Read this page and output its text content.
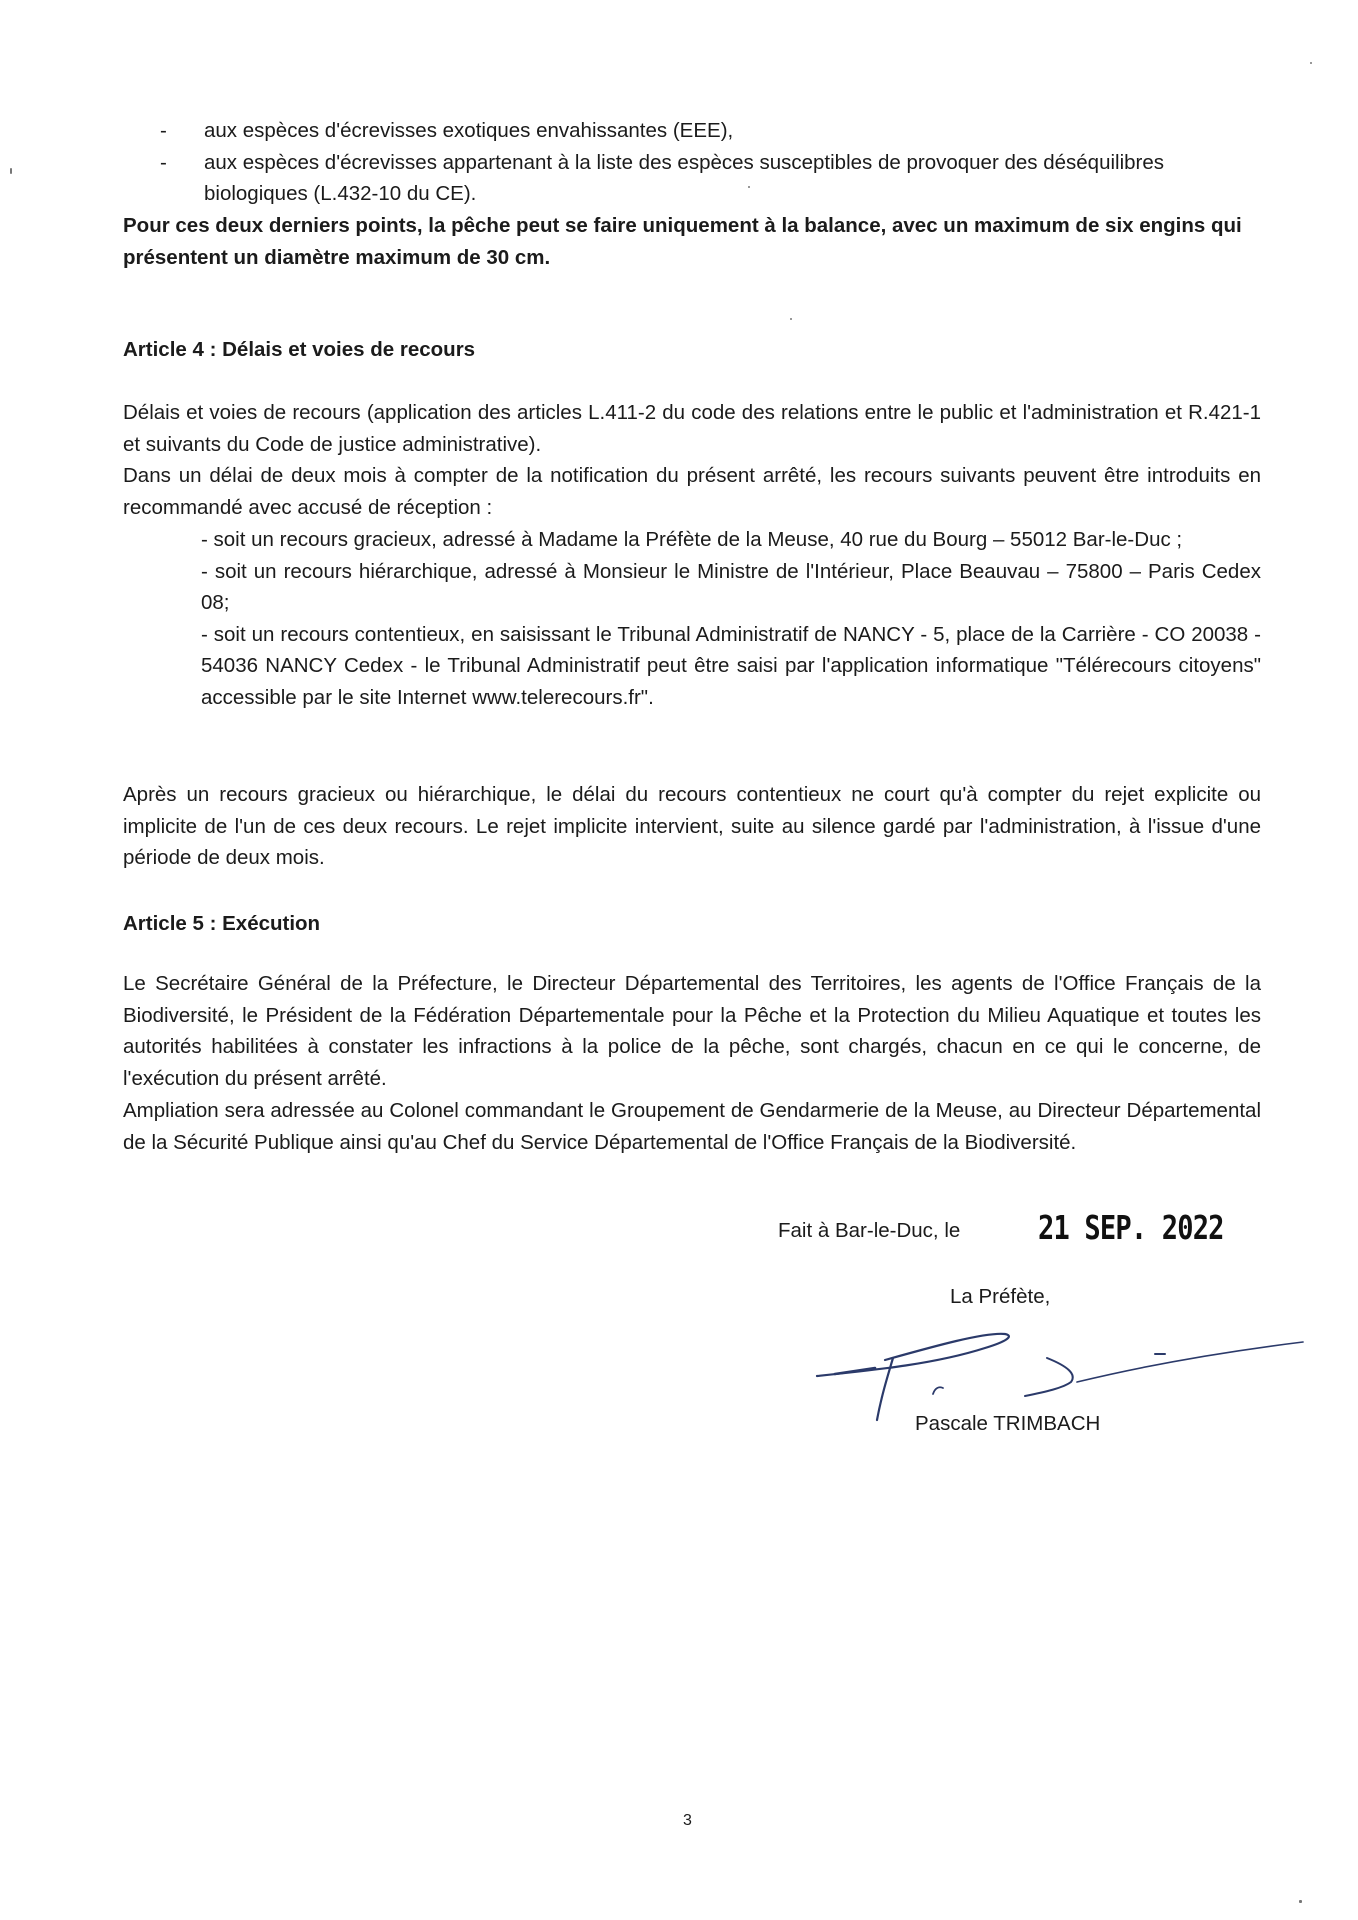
- aux espèces d'écrevisses exotiques envahissantes (EEE),
- aux espèces d'écrevisses appartenant à la liste des espèces susceptibles de provoquer des déséquilibres biologiques (L.432-10 du CE).

Pour ces deux derniers points, la pêche peut se faire uniquement à la balance, avec un maximum de six engins qui présentent un diamètre maximum de 30 cm.

Article 4 : Délais et voies de recours

Délais et voies de recours (application des articles L.411-2 du code des relations entre le public et l'administration et R.421-1 et suivants du Code de justice administrative).

Dans un délai de deux mois à compter de la notification du présent arrêté, les recours suivants peuvent être introduits en recommandé avec accusé de réception :

- soit un recours gracieux, adressé à Madame la Préfète de la Meuse, 40 rue du Bourg – 55012 Bar-le-Duc ;
- soit un recours hiérarchique, adressé à Monsieur le Ministre de l'Intérieur, Place Beauvau – 75800 – Paris Cedex 08;
- soit un recours contentieux, en saisissant le Tribunal Administratif de NANCY - 5, place de la Carrière - CO 20038 - 54036 NANCY Cedex - le Tribunal Administratif peut être saisi par l'application informatique "Télérecours citoyens" accessible par le site Internet www.telerecours.fr".

Après un recours gracieux ou hiérarchique, le délai du recours contentieux ne court qu'à compter du rejet explicite ou implicite de l'un de ces deux recours. Le rejet implicite intervient, suite au silence gardé par l'administration, à l'issue d'une période de deux mois.

Article 5 : Exécution

Le Secrétaire Général de la Préfecture, le Directeur Départemental des Territoires, les agents de l'Office Français de la Biodiversité, le Président de la Fédération Départementale pour la Pêche et la Protection du Milieu Aquatique et toutes les autorités habilitées à constater les infractions à la police de la pêche, sont chargés, chacun en ce qui le concerne, de l'exécution du présent arrêté.

Ampliation sera adressée au Colonel commandant le Groupement de Gendarmerie de la Meuse, au Directeur Départemental de la Sécurité Publique ainsi qu'au Chef du Service Départemental de l'Office Français de la Biodiversité.

Fait à Bar-le-Duc, le 21 SEP. 2022
La Préfète,
Pascale TRIMBACH
3
